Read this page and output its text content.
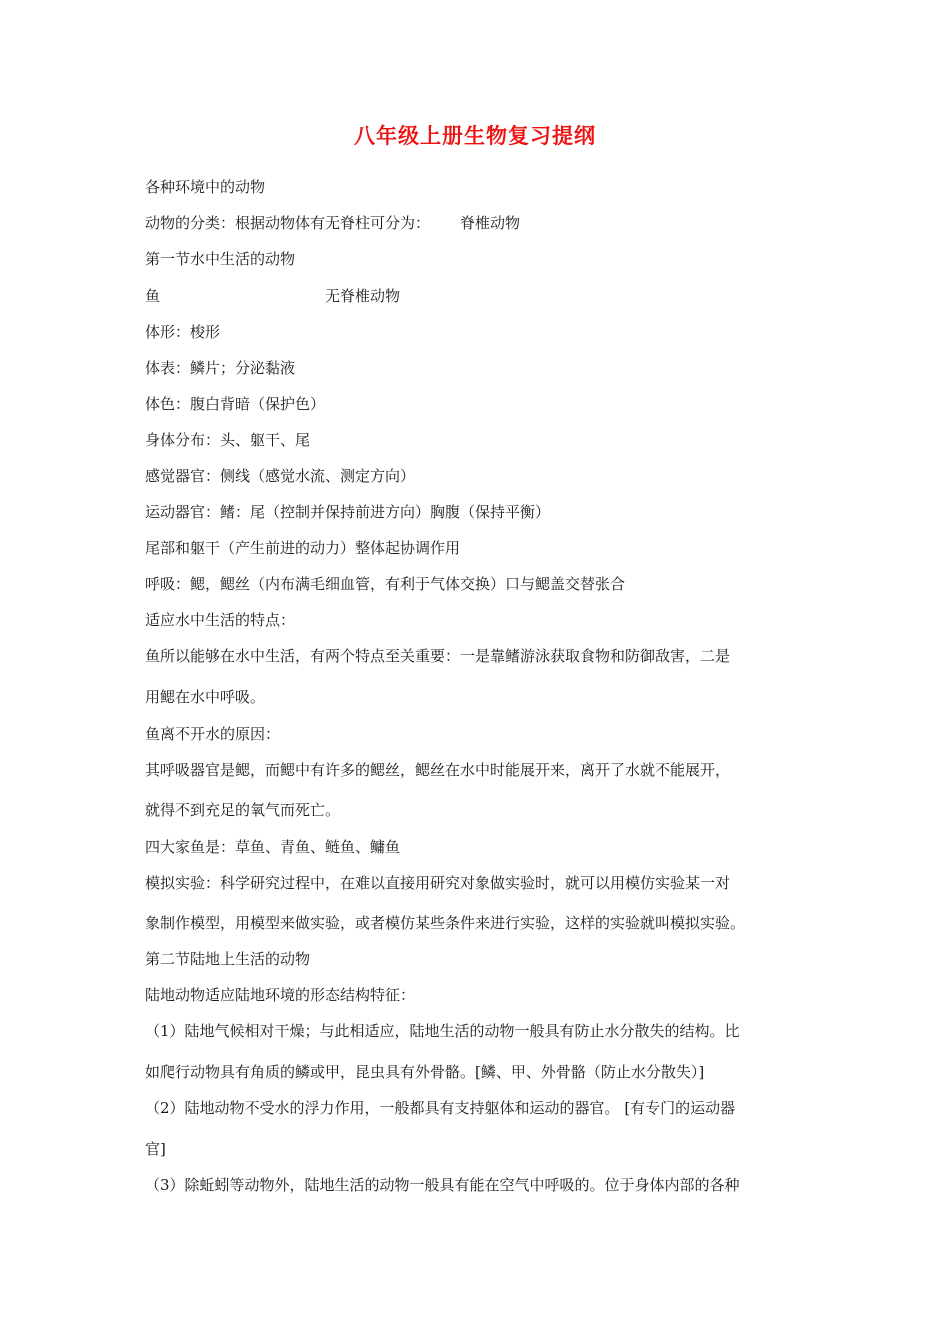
八年级上册生物复习提纲
各种环境中的动物
动物的分类：根据动物体有无脊柱可分为： 脊椎动物
第一节水中生活的动物
鱼	无脊椎动物
体形：梭形
体表：鳞片；分泌黏液
体色：腹白背暗（保护色）
身体分布：头、躯干、尾
感觉器官：侧线（感觉水流、测定方向）
运动器官：鳍：尾（控制并保持前进方向）胸腹（保持平衡）
尾部和躯干（产生前进的动力）整体起协调作用
呼吸：鳃，鳃丝（内布满毛细血管，有利于气体交换）口与鳃盖交替张合
适应水中生活的特点：
鱼所以能够在水中生活，有两个特点至关重要：一是靠鳍游泳获取食物和防御敌害，二是
用鳃在水中呼吸。
鱼离不开水的原因：
其呼吸器官是鳃，而鳃中有许多的鳃丝，鳃丝在水中时能展开来，离开了水就不能展开，
就得不到充足的氧气而死亡。
四大家鱼是：草鱼、青鱼、鲢鱼、鳙鱼
模拟实验：科学研究过程中，在难以直接用研究对象做实验时，就可以用模仿实验某一对
象制作模型，用模型来做实验，或者模仿某些条件来进行实验，这样的实验就叫模拟实验。
第二节陆地上生活的动物
陆地动物适应陆地环境的形态结构特征：
（1）陆地气候相对干燥；与此相适应，陆地生活的动物一般具有防止水分散失的结构。比
如爬行动物具有角质的鳞或甲，昆虫具有外骨骼。[鳞、甲、外骨骼（防止水分散失）]
（2）陆地动物不受水的浮力作用，一般都具有支持躯体和运动的器官。 [有专门的运动器
官]
（3）除蚯蚓等动物外，陆地生活的动物一般具有能在空气中呼吸的。位于身体内部的各种
